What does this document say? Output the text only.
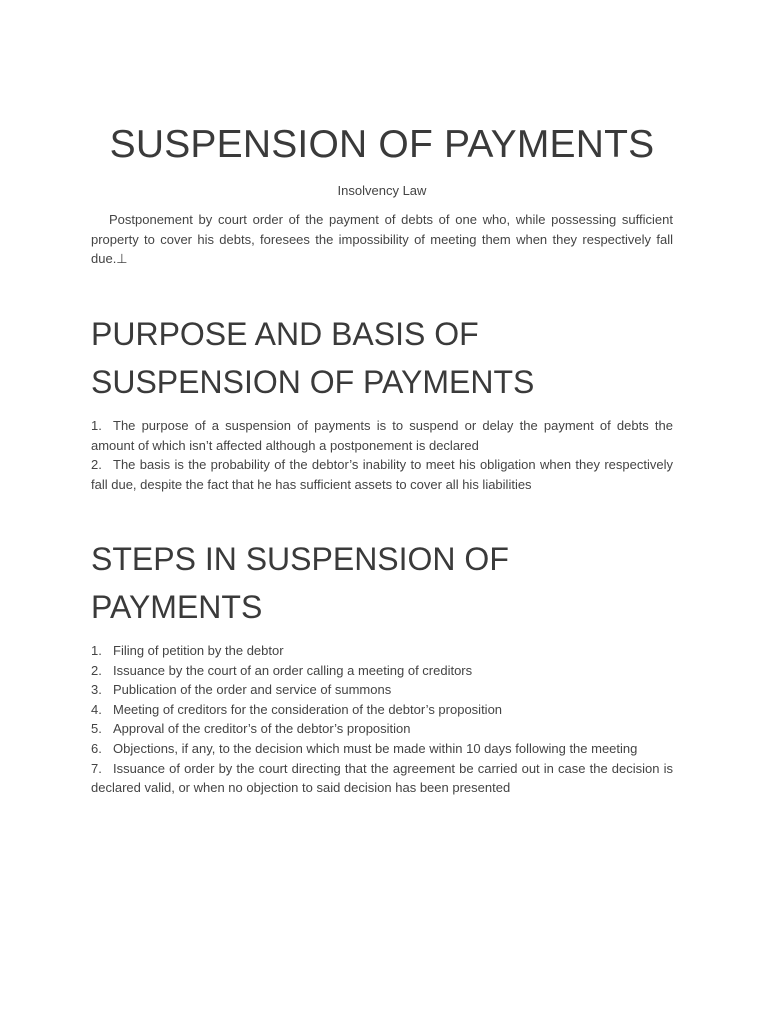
SUSPENSION OF PAYMENTS
Insolvency Law

Postponement by court order of the payment of debts of one who, while possessing sufficient property to cover his debts, foresees the impossibility of meeting them when they respectively fall due.⊥

PURPOSE AND BASIS OF SUSPENSION OF PAYMENTS
1. The purpose of a suspension of payments is to suspend or delay the payment of debts the amount of which isn’t affected although a postponement is declared
2. The basis is the probability of the debtor’s inability to meet his obligation when they respectively fall due, despite the fact that he has sufficient assets to cover all his liabilities
STEPS IN SUSPENSION OF PAYMENTS
1. Filing of petition by the debtor
2. Issuance by the court of an order calling a meeting of creditors
3. Publication of the order and service of summons
4. Meeting of creditors for the consideration of the debtor’s proposition
5. Approval of the creditor’s of the debtor’s proposition
6. Objections, if any, to the decision which must be made within 10 days following the meeting
7. Issuance of order by the court directing that the agreement be carried out in case the decision is declared valid, or when no objection to said decision has been presented
